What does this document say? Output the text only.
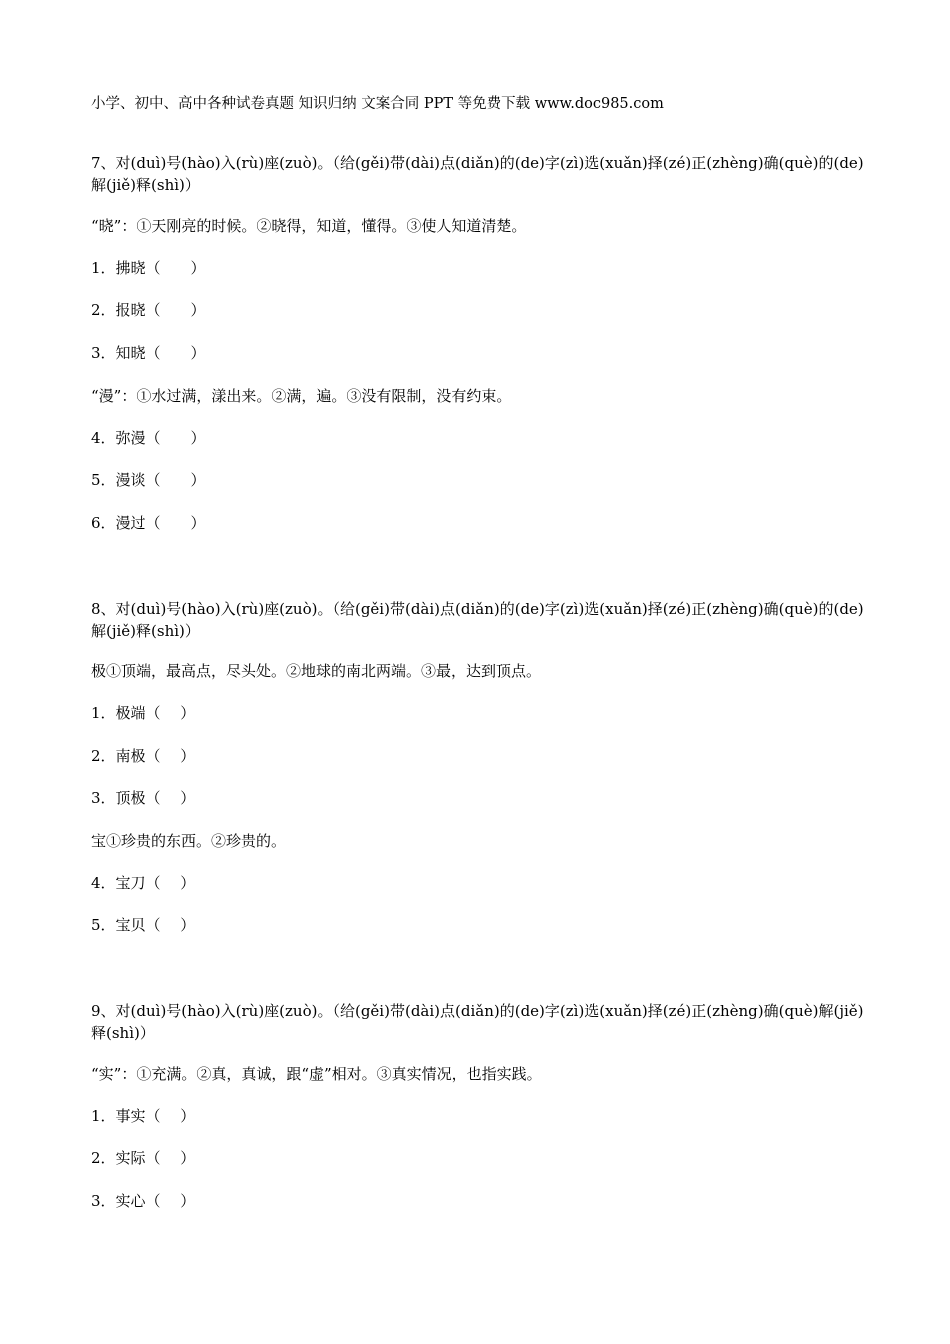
小学、初中、高中各种试卷真题 知识归纳 文案合同 PPT 等免费下载 www.doc985.com

7、对(duì)号(hào)入(rù)座(zuò)。（给(gěi)带(dài)点(diǎn)的(de)字(zì)选(xuǎn)择(zé)正(zhèng)确(què)的(de)解(jiě)释(shì)）

“晓”：①天刚亮的时候。②晓得，知道，懂得。③使人知道清楚。
1．拂晓（　　）
2．报晓（　　）
3．知晓（　　）
“漫”：①水过满，漾出来。②满，遍。③没有限制，没有约束。
4．弥漫（　　）
5．漫谈（　　）
6．漫过（　　）

8、对(duì)号(hào)入(rù)座(zuò)。（给(gěi)带(dài)点(diǎn)的(de)字(zì)选(xuǎn)择(zé)正(zhèng)确(què)的(de)解(jiě)释(shì)）

极①顶端，最高点，尽头处。②地球的南北两端。③最，达到顶点。
1．极端（　 ）
2．南极（　 ）
3．顶极（　 ）
宝①珍贵的东西。②珍贵的。
4．宝刀（　 ）
5．宝贝（　 ）

9、对(duì)号(hào)入(rù)座(zuò)。（给(gěi)带(dài)点(diǎn)的(de)字(zì)选(xuǎn)择(zé)正(zhèng)确(què)解(jiě)释(shì)）

“实”：①充满。②真，真诚，跟“虚”相对。③真实情况，也指实践。
1．事实（　 ）
2．实际（　 ）
3．实心（　 ）
